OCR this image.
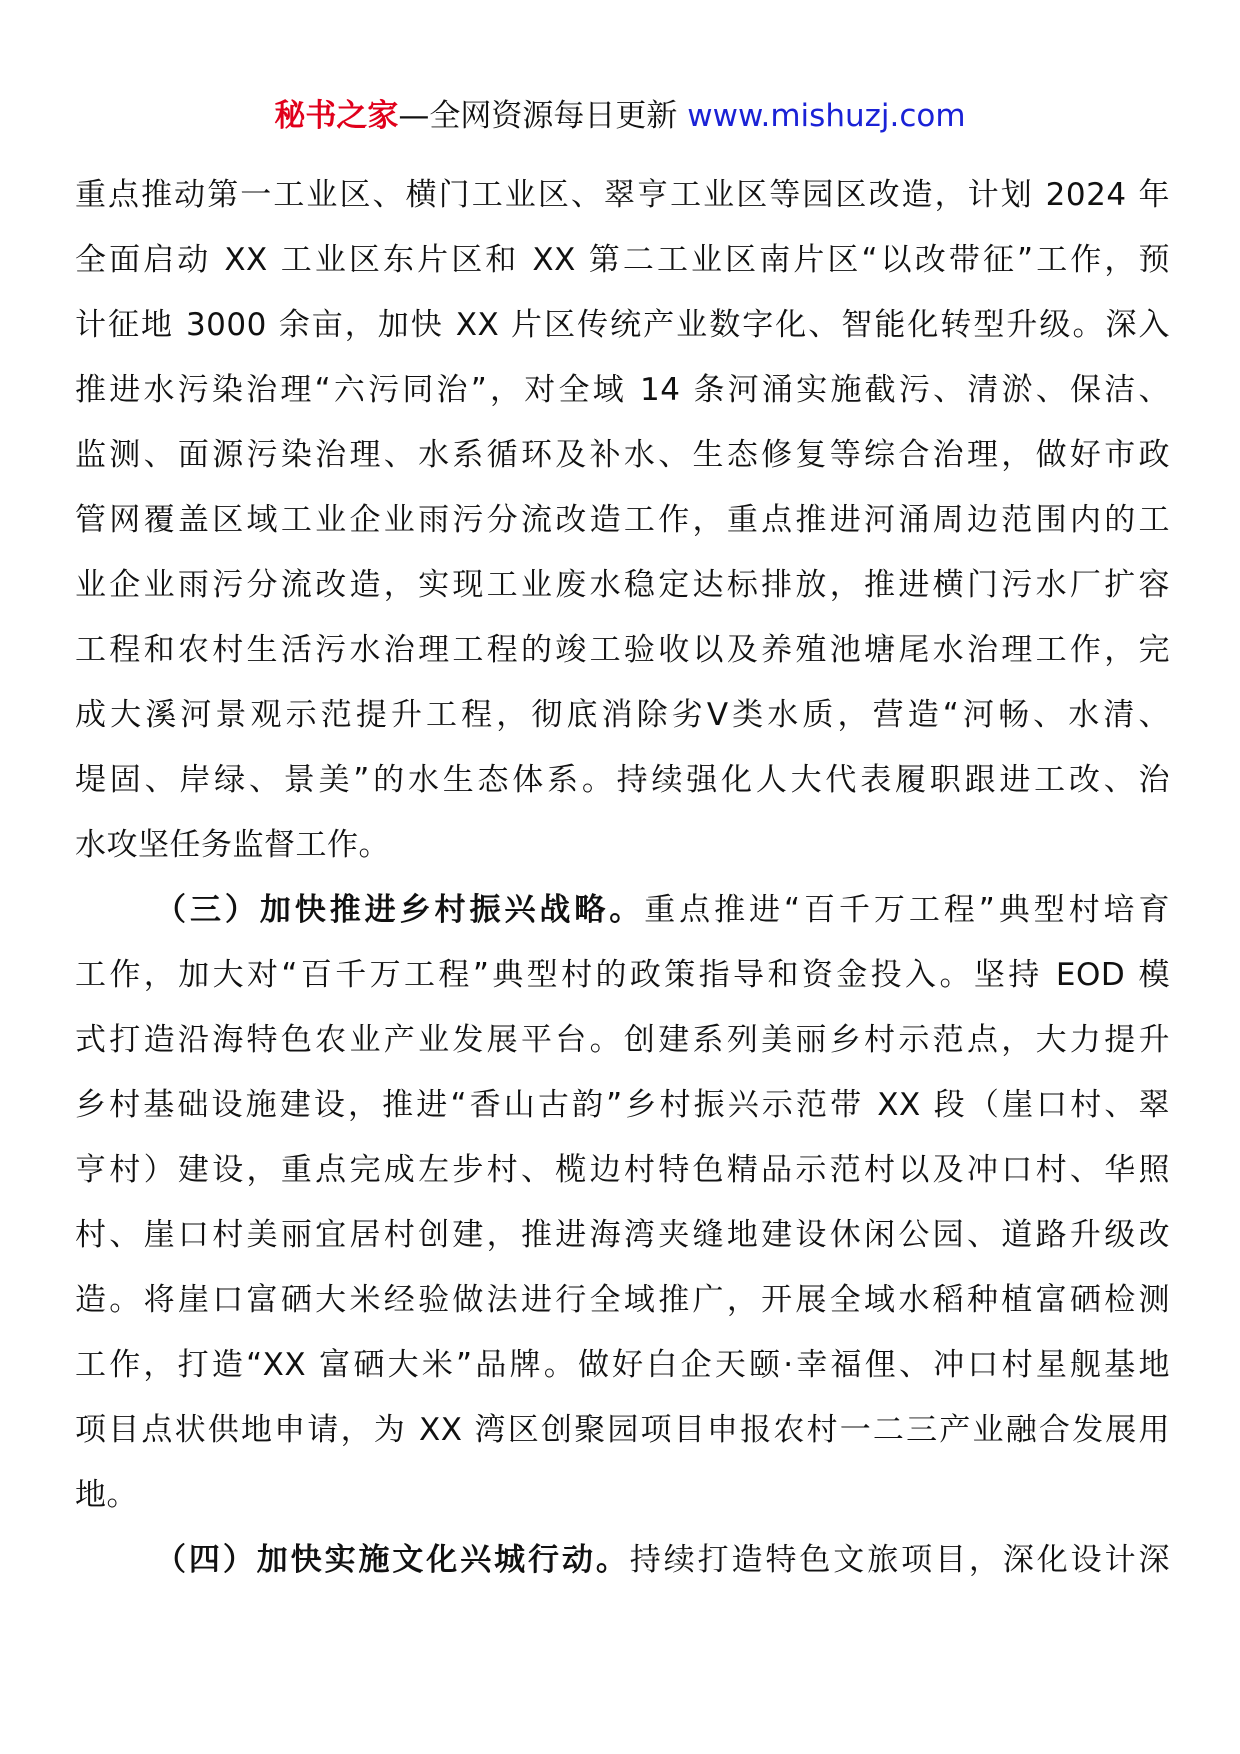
秘书之家—全网资源每日更新 www.mishuzj.com
重点推动第一工业区、横门工业区、翠亨工业区等园区改造，计划 2024 年
全面启动 XX 工业区东片区和 XX 第二工业区南片区“以改带征”工作，预
计征地 3000 余亩，加快 XX 片区传统产业数字化、智能化转型升级。深入
推进水污染治理“六污同治”，对全域 14 条河涌实施截污、清淤、保洁、
监测、面源污染治理、水系循环及补水、生态修复等综合治理，做好市政
管网覆盖区域工业企业雨污分流改造工作，重点推进河涌周边范围内的工
业企业雨污分流改造，实现工业废水稳定达标排放，推进横门污水厂扩容
工程和农村生活污水治理工程的竣工验收以及养殖池塘尾水治理工作，完
成大溪河景观示范提升工程，彻底消除劣Ⅴ类水质，营造“河畅、水清、
堤固、岸绿、景美”的水生态体系。持续强化人大代表履职跟进工改、治
水攻坚任务监督工作。
（三）加快推进乡村振兴战略。重点推进“百千万工程”典型村培育
工作，加大对“百千万工程”典型村的政策指导和资金投入。坚持 EOD 模
式打造沿海特色农业产业发展平台。创建系列美丽乡村示范点，大力提升
乡村基础设施建设，推进“香山古韵”乡村振兴示范带 XX 段（崖口村、翠
亨村）建设，重点完成左步村、榄边村特色精品示范村以及冲口村、华照
村、崖口村美丽宜居村创建，推进海湾夹缝地建设休闲公园、道路升级改
造。将崖口富硒大米经验做法进行全域推广，开展全域水稻种植富硒检测
工作，打造“XX 富硒大米”品牌。做好白企天颐·幸福俚、冲口村星舰基地
项目点状供地申请，为 XX 湾区创聚园项目申报农村一二三产业融合发展用
地。
（四）加快实施文化兴城行动。持续打造特色文旅项目，深化设计深
